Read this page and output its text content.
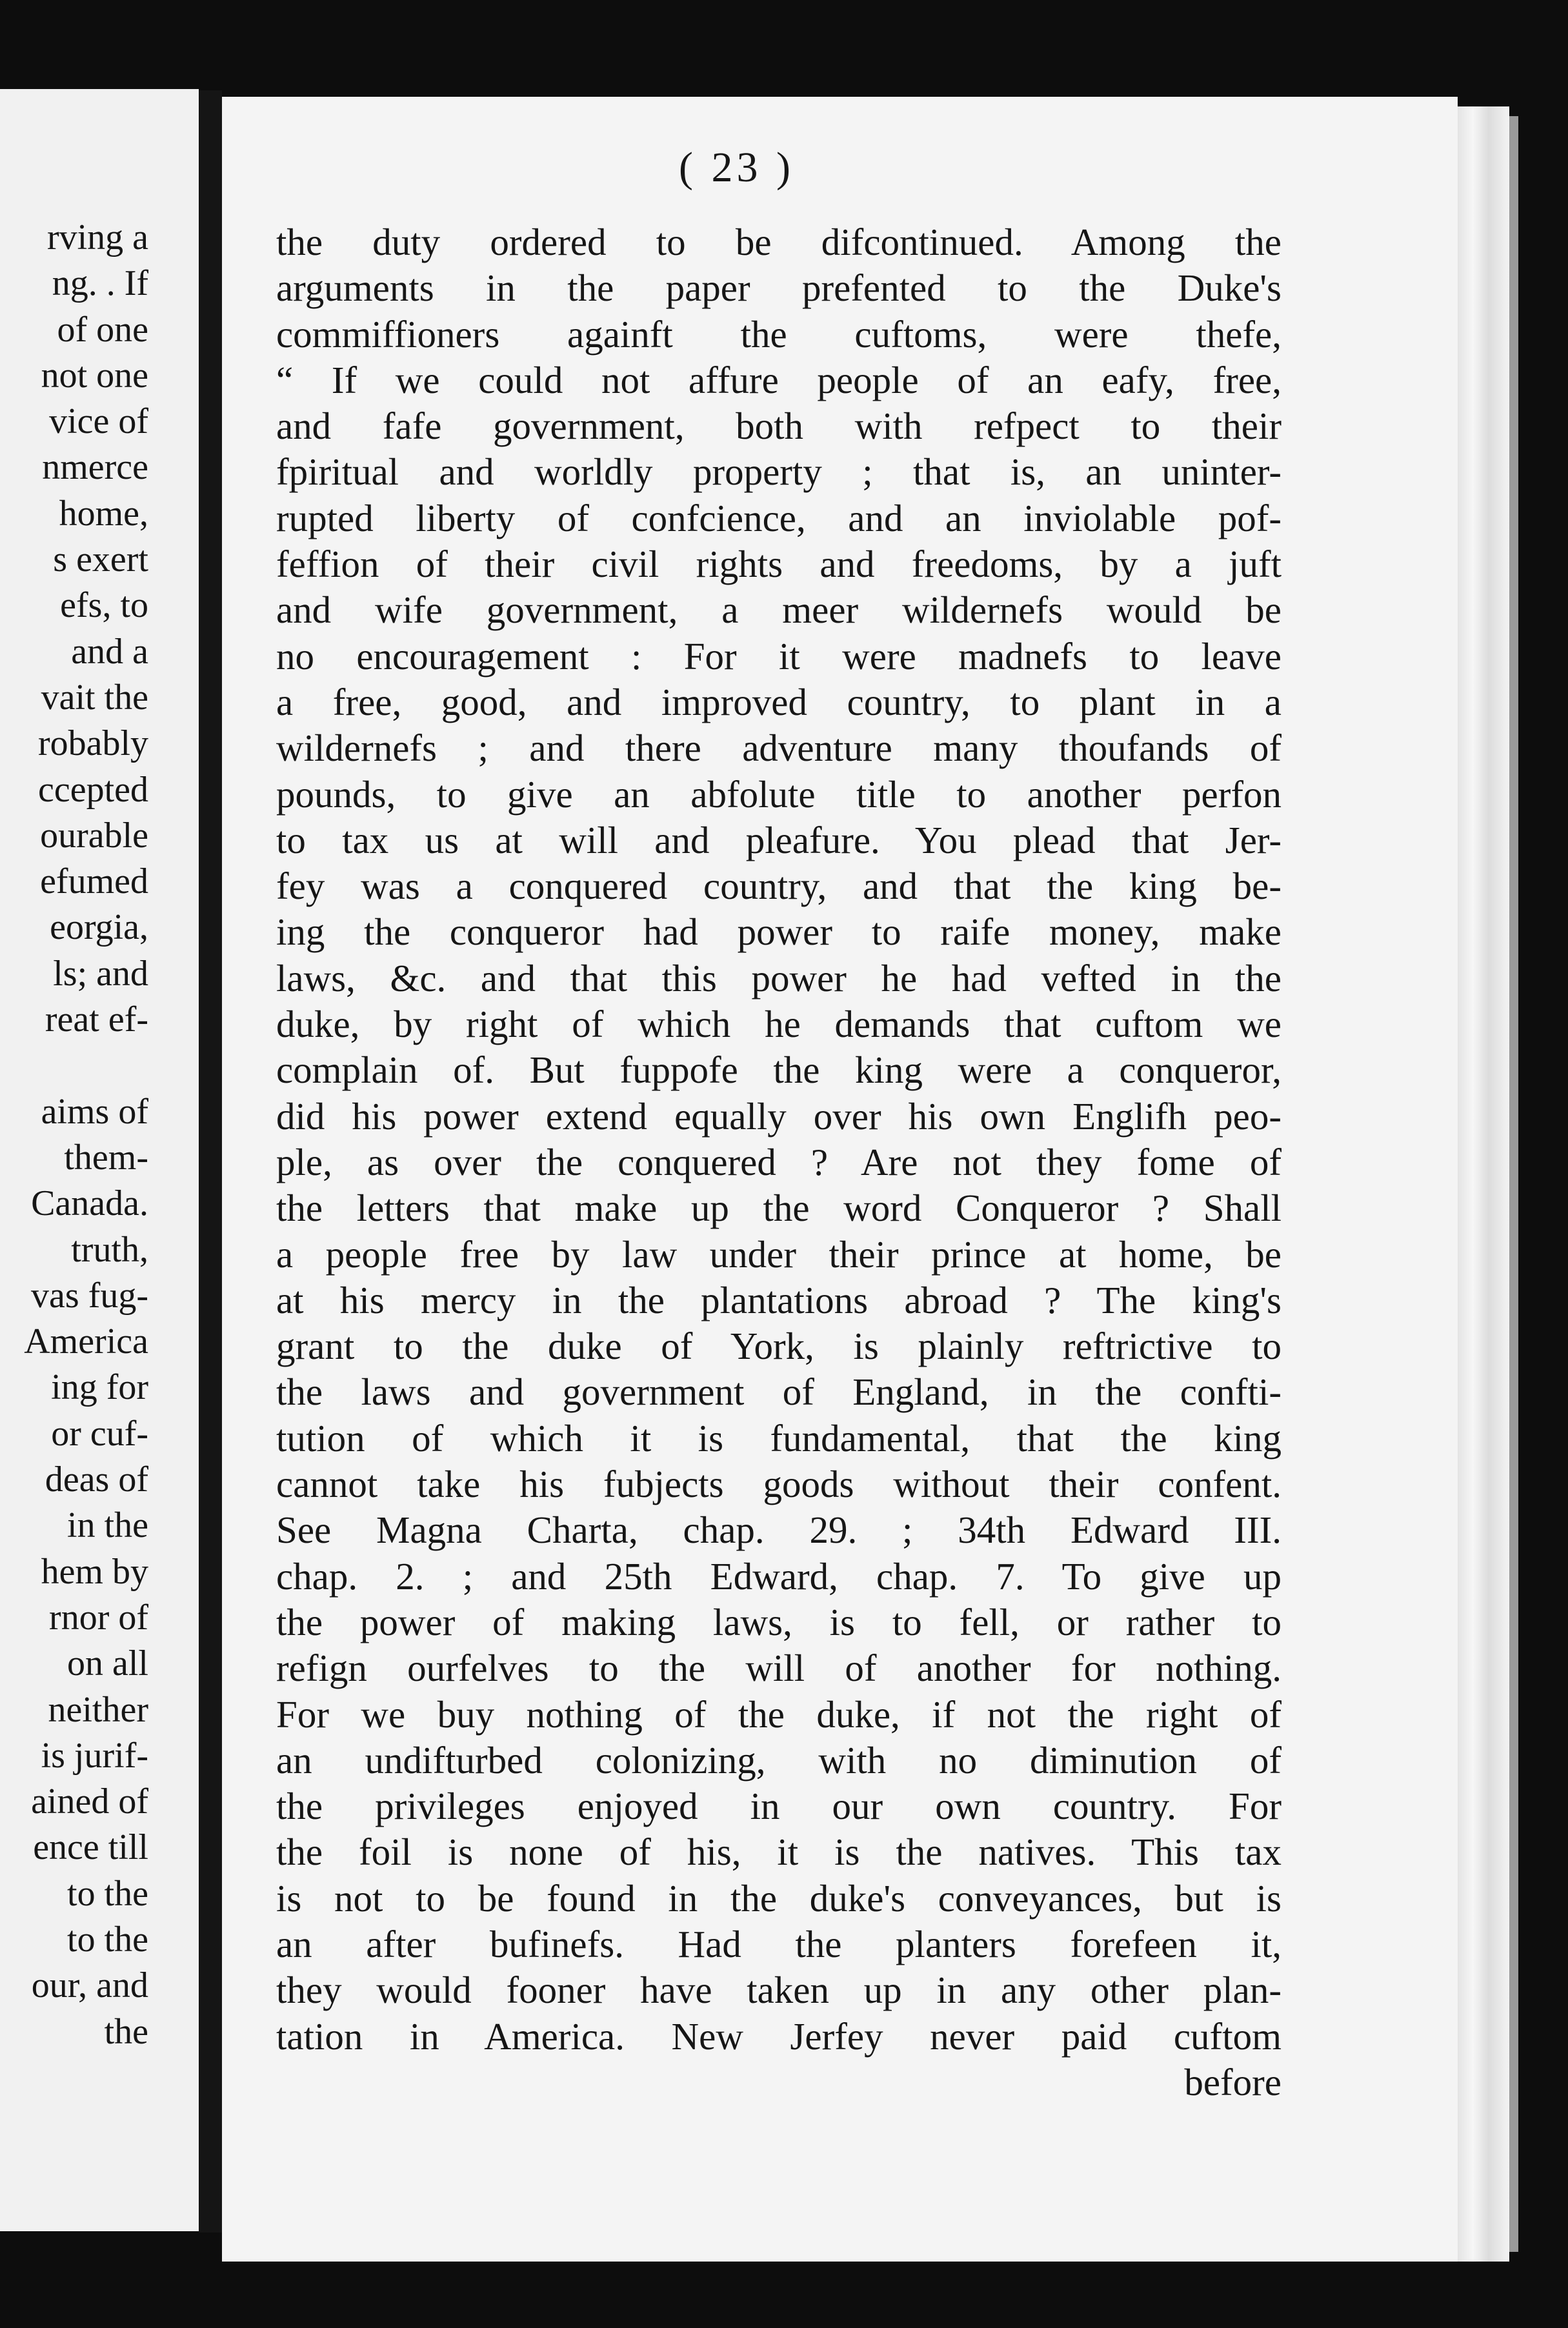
rving a
ng. . If
of one
not one
vice of
nmerce
home,
s exert
efs, to
and a
vait the
robably
ccepted
ourable
efumed
eorgia,
ls; and
reat ef-
aims of
them-
Canada.
truth,
vas fug-
America
ing for
or cuf-
deas of
in the
hem by
rnor of
on all
neither
is jurif-
ained of
ence till
to the
to the
our, and
the
( 23 )
the duty ordered to be difcontinued. Among the
arguments in the paper prefented to the Duke's
commiffioners againft the cuftoms, were thefe,
“ If we could not affure people of an eafy, free,
and fafe government, both with refpect to their
fpiritual and worldly property ; that is, an uninter-
rupted liberty of confcience, and an inviolable pof-
feffion of their civil rights and freedoms, by a juft
and wife government, a meer wildernefs would be
no encouragement : For it were madnefs to leave
a free, good, and improved country, to plant in a
wildernefs ; and there adventure many thoufands of
pounds, to give an abfolute title to another perfon
to tax us at will and pleafure. You plead that Jer-
fey was a conquered country, and that the king be-
ing the conqueror had power to raife money, make
laws, &c. and that this power he had vefted in the
duke, by right of which he demands that cuftom we
complain of. But fuppofe the king were a conqueror,
did his power extend equally over his own Englifh peo-
ple, as over the conquered ? Are not they fome of
the letters that make up the word Conqueror ? Shall
a people free by law under their prince at home, be
at his mercy in the plantations abroad ? The king's
grant to the duke of York, is plainly reftrictive to
the laws and government of England, in the confti-
tution of which it is fundamental, that the king
cannot take his fubjects goods without their confent.
See Magna Charta, chap. 29. ; 34th Edward III.
chap. 2. ; and 25th Edward, chap. 7. To give up
the power of making laws, is to fell, or rather to
refign ourfelves to the will of another for nothing.
For we buy nothing of the duke, if not the right of
an undifturbed colonizing, with no diminution of
the privileges enjoyed in our own country. For
the foil is none of his, it is the natives. This tax
is not to be found in the duke's conveyances, but is
an after bufinefs. Had the planters forefeen it,
they would fooner have taken up in any other plan-
tation in America. New Jerfey never paid cuftom
before
